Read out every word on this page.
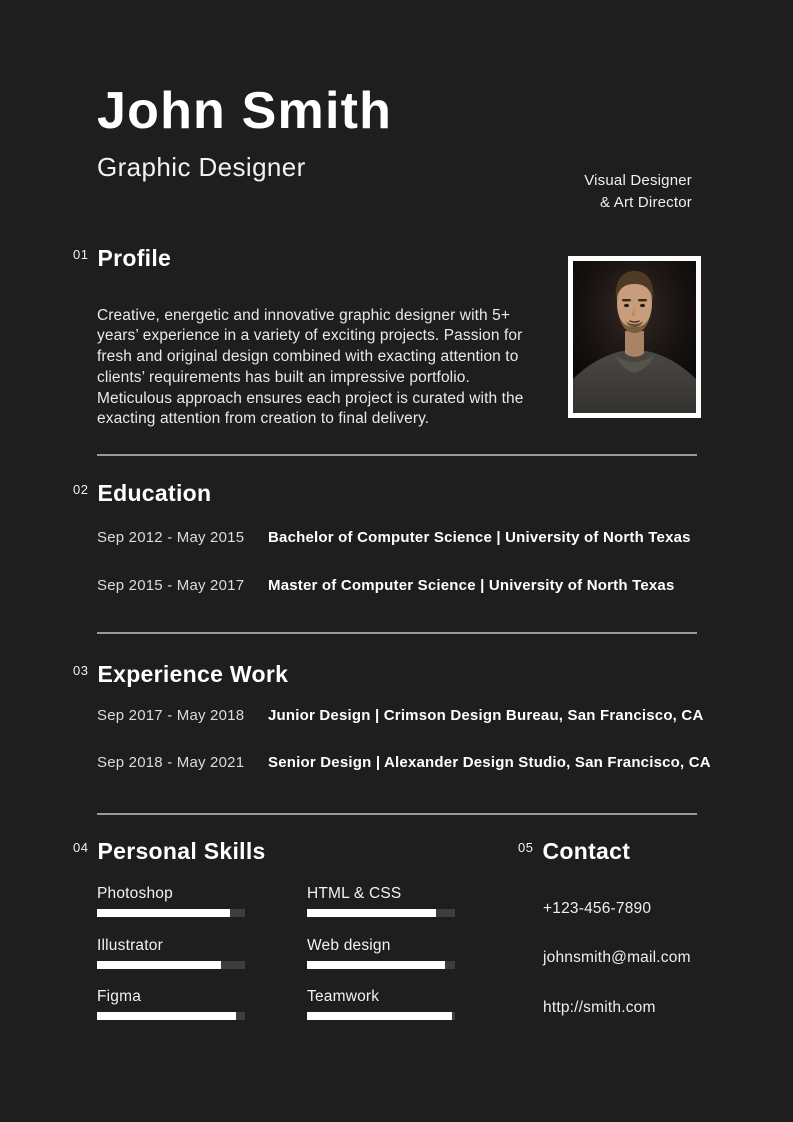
John Smith
Graphic Designer	Visual Designer
& Art Director
01 Profile

Creative, energetic and innovative graphic designer with 5+ years’ experience in a variety of exciting projects. Passion for fresh and original design combined with exacting attention to clients’ requirements has built an impressive portfolio. Meticulous approach ensures each project is curated with the exacting attention from creation to final delivery.

02 Education
Sep 2012 - May 2015	Bachelor of Computer Science | University of North Texas
Sep 2015 - May 2017	Master of Computer Science | University of North Texas
03 Experience Work
Sep 2017 - May 2018	Junior Design | Crimson Design Bureau, San Francisco, CA
Sep 2018 - May 2021	Senior Design | Alexander Design Studio, San Francisco, CA
04 Personal Skills
Photoshop
Illustrator
Figma
HTML & CSS
Web design
Teamwork
05 Contact
+123-456-7890
johnsmith@mail.com
http://smith.com
